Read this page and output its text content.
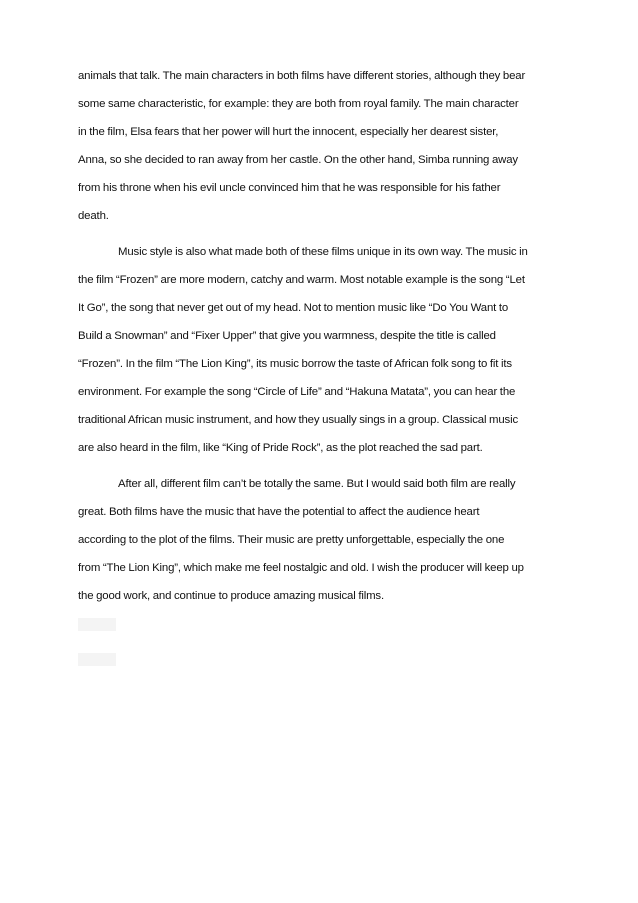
animals that talk. The main characters in both films have different stories, although they bear
some same characteristic, for example: they are both from royal family. The main character
in the film, Elsa fears that her power will hurt the innocent, especially her dearest sister,
Anna, so she decided to ran away from her castle. On the other hand, Simba running away
from his throne when his evil uncle convinced him that he was responsible for his father
death.
Music style is also what made both of these films unique in its own way. The music in
the film “Frozen” are more modern, catchy and warm. Most notable example is the song “Let
It Go”, the song that never get out of my head. Not to mention music like “Do You Want to
Build a Snowman” and “Fixer Upper” that give you warmness, despite the title is called
“Frozen”. In the film “The Lion King”, its music borrow the taste of African folk song to fit its
environment. For example the song “Circle of Life” and “Hakuna Matata”, you can hear the
traditional African music instrument, and how they usually sings in a group. Classical music
are also heard in the film, like “King of Pride Rock”, as the plot reached the sad part.
After all, different film can’t be totally the same. But I would said both film are really
great. Both films have the music that have the potential to affect the audience heart
according to the plot of the films. Their music are pretty unforgettable, especially the one
from “The Lion King”, which make me feel nostalgic and old. I wish the producer will keep up
the good work, and continue to produce amazing musical films.
